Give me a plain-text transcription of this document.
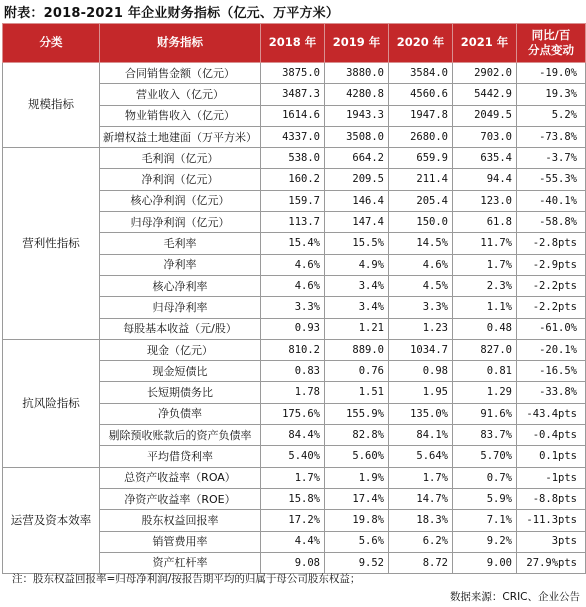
附表：2018-2021 年企业财务指标（亿元、万平方米）
分类	财务指标	2018 年	2019 年	2020 年	2021 年	同比/百
分点变动

规模指标	合同销售金额（亿元）	3875.0	3880.0	3584.0	2902.0	-19.0%
	营业收入（亿元）	3487.3	4280.8	4560.6	5442.9	19.3%
	物业销售收入（亿元）	1614.6	1943.3	1947.8	2049.5	5.2%
	新增权益土地建面（万平方米）	4337.0	3508.0	2680.0	703.0	-73.8%
营利性指标	毛利润（亿元）	538.0	664.2	659.9	635.4	-3.7%
	净利润（亿元）	160.2	209.5	211.4	94.4	-55.3%
	核心净利润（亿元）	159.7	146.4	205.4	123.0	-40.1%
	归母净利润（亿元）	113.7	147.4	150.0	61.8	-58.8%
	毛利率	15.4%	15.5%	14.5%	11.7%	-2.8pts
	净利率	4.6%	4.9%	4.6%	1.7%	-2.9pts
	核心净利率	4.6%	3.4%	4.5%	2.3%	-2.2pts
	归母净利率	3.3%	3.4%	3.3%	1.1%	-2.2pts
	每股基本收益（元/股）	0.93	1.21	1.23	0.48	-61.0%
抗风险指标	现金（亿元）	810.2	889.0	1034.7	827.0	-20.1%
	现金短债比	0.83	0.76	0.98	0.81	-16.5%
	长短期债务比	1.78	1.51	1.95	1.29	-33.8%
	净负债率	175.6%	155.9%	135.0%	91.6%	-43.4pts
	剔除预收账款后的资产负债率	84.4%	82.8%	84.1%	83.7%	-0.4pts
	平均借贷利率	5.40%	5.60%	5.64%	5.70%	0.1pts
运营及资本效率	总资产收益率（ROA）	1.7%	1.9%	1.7%	0.7%	-1pts
	净资产收益率（ROE）	15.8%	17.4%	14.7%	5.9%	-8.8pts
	股东权益回报率	17.2%	19.8%	18.3%	7.1%	-11.3pts
	销管费用率	4.4%	5.6%	6.2%	9.2%	3pts
	资产杠杆率	9.08	9.52	8.72	9.00	27.9%pts
注：股东权益回报率=归母净利润/按报告期平均的归属于母公司股东权益；
数据来源：CRIC、企业公告
